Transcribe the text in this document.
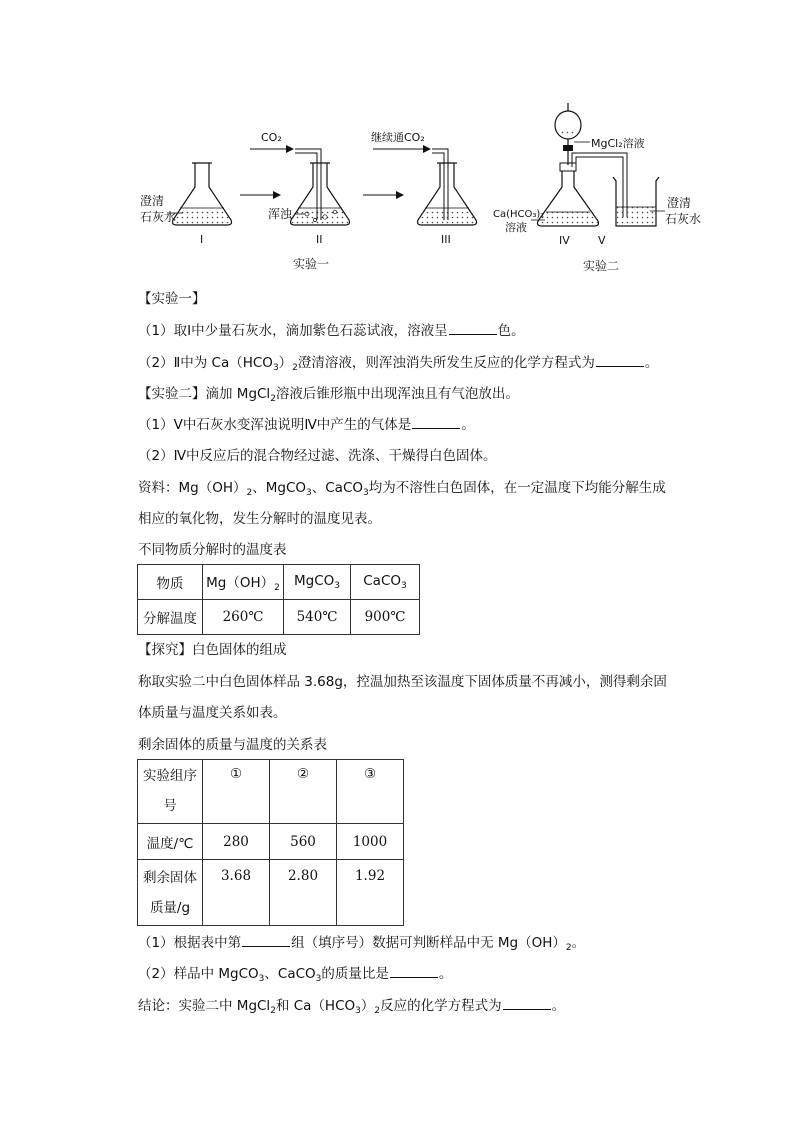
澄清
石灰水
I
CO₂
浑浊
II
继续通CO₂
III
实验一
MgCl₂溶液
Ca(HCO₃)₂
溶液
IV
澄清
石灰水
V
实验二
【实验一】
（1）取Ⅰ中少量石灰水，滴加紫色石蕊试液，溶液呈	色。
（2）Ⅱ中为 $Ca(HCO_3)_2$澄清溶液，则浑浊消失所发生反应的化学方程式为	。
【实验二】滴加 MgCl$_2$溶液后锥形瓶中出现浑浊且有气泡放出。
（1）Ⅴ中石灰水变浑浊说明Ⅳ中产生的气体是	。
（2）Ⅳ中反应后的混合物经过滤、洗涤、干燥得白色固体。
资料：$Mg(OH)_2$、MgCO$_3$、CaCO$_3$均为不溶性白色固体，在一定温度下均能分解生成
相应的氧化物，发生分解时的温度见表。
不同物质分解时的温度表
物质	$Mg(OH)_2$	MgCO$_3$	CaCO$_3$
分解温度	260℃	540℃	900℃
【探究】白色固体的组成
称取实验二中白色固体样品 3.68g，控温加热至该温度下固体质量不再减小，测得剩余固
体质量与温度关系如表。
剩余固体的质量与温度的关系表
实验组序
号	①	②	③
温度/℃	280	560	1000
剩余固体
质量/g	3.68	2.80	1.92
（1）根据表中第	组（填序号）数据可判断样品中无 $Mg(OH)_2$。
（2）样品中 MgCO$_3$、CaCO$_3$的质量比是	。
结论：实验二中 MgCl$_2$和 $Ca(HCO_3)_2$反应的化学方程式为	。
